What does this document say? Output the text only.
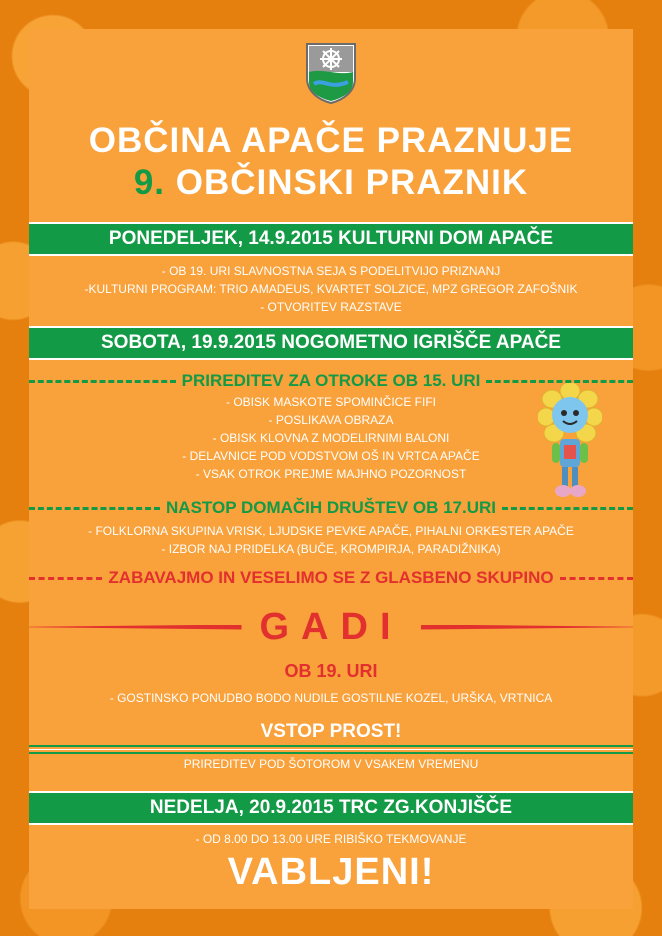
OBČINA APAČE PRAZNUJE
9. OBČINSKI PRAZNIK
PONEDELJEK, 14.9.2015 KULTURNI DOM APAČE
- OB 19. URI SLAVNOSTNA SEJA S PODELITVIJO PRIZNANJ
-KULTURNI PROGRAM: TRIO AMADEUS, KVARTET SOLZICE, MPZ GREGOR ZAFOŠNIK
- OTVORITEV RAZSTAVE
SOBOTA, 19.9.2015 NOGOMETNO IGRIŠČE APAČE
PRIREDITEV ZA OTROKE OB 15. URI
- OBISK MASKOTE SPOMINČICE FIFI
- POSLIKAVA OBRAZA
- OBISK KLOVNA Z MODELIRNIMI BALONI
- DELAVNICE POD VODSTVOM OŠ IN VRTCA APAČE
- VSAK OTROK PREJME MAJHNO POZORNOST
NASTOP DOMAČIH DRUŠTEV OB 17.URI
- FOLKLORNA SKUPINA VRISK, LJUDSKE PEVKE APAČE, PIHALNI ORKESTER APAČE
- IZBOR NAJ PRIDELKA (BUČE, KROMPIRJA, PARADIŽNIKA)
ZABAVAJMO IN VESELIMO SE Z GLASBENO SKUPINO
GADI
OB 19. URI
- GOSTINSKO PONUDBO BODO NUDILE GOSTILNE KOZEL, URŠKA, VRTNICA
VSTOP PROST!
PRIREDITEV POD ŠOTOROM V VSAKEM VREMENU
NEDELJA, 20.9.2015 TRC ZG.KONJIŠČE
- OD 8.00 DO 13.00 URE RIBIŠKO TEKMOVANJE
VABLJENI!
